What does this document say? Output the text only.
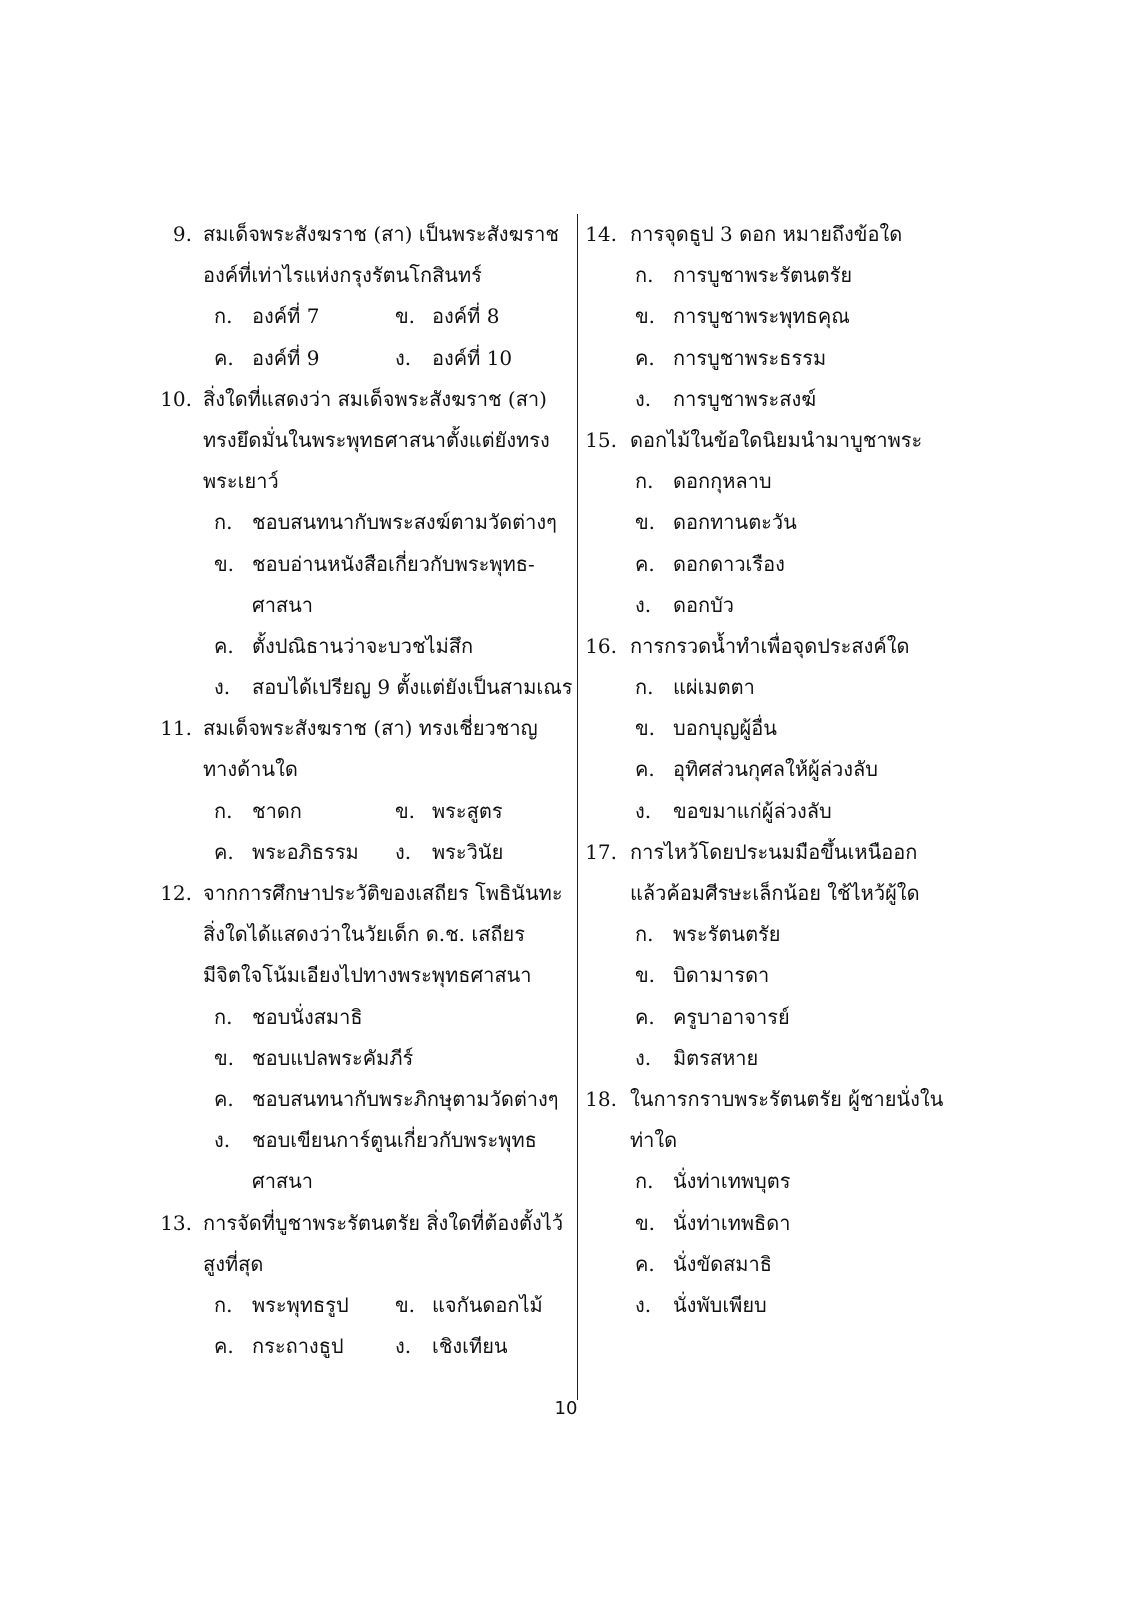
9. สมเด็จพระสังฆราช (สา) เป็นพระสังฆราช
องค์ที่เท่าไรแห่งกรุงรัตนโกสินทร์
ก. องค์ที่ 7	ข. องค์ที่ 8
ค. องค์ที่ 9	ง. องค์ที่ 10
10. สิ่งใดที่แสดงว่า สมเด็จพระสังฆราช (สา)
ทรงยึดมั่นในพระพุทธศาสนาตั้งแต่ยังทรง
พระเยาว์
ก. ชอบสนทนากับพระสงฆ์ตามวัดต่างๆ
ข. ชอบอ่านหนังสือเกี่ยวกับพระพุทธ-
ศาสนา
ค. ตั้งปณิธานว่าจะบวชไม่สึก
ง. สอบได้เปรียญ 9 ตั้งแต่ยังเป็นสามเณร
11. สมเด็จพระสังฆราช (สา) ทรงเชี่ยวชาญ
ทางด้านใด
ก. ชาดก	ข. พระสูตร
ค. พระอภิธรรม ง. พระวินัย
12. จากการศึกษาประวัติของเสถียร โพธินันทะ
สิ่งใดได้แสดงว่าในวัยเด็ก ด.ช. เสถียร
มีจิตใจโน้มเอียงไปทางพระพุทธศาสนา
ก. ชอบนั่งสมาธิ
ข. ชอบแปลพระคัมภีร์
ค. ชอบสนทนากับพระภิกษุตามวัดต่างๆ
ง. ชอบเขียนการ์ตูนเกี่ยวกับพระพุทธ
ศาสนา
13. การจัดที่บูชาพระรัตนตรัย สิ่งใดที่ต้องตั้งไว้
สูงที่สุด
ก. พระพุทธรูป ข. แจกันดอกไม้
ค. กระถางธูป	ง. เชิงเทียน
14. การจุดธูป 3 ดอก หมายถึงข้อใด
ก. การบูชาพระรัตนตรัย
ข. การบูชาพระพุทธคุณ
ค. การบูชาพระธรรม
ง. การบูชาพระสงฆ์
15. ดอกไม้ในข้อใดนิยมนำมาบูชาพระ
ก. ดอกกุหลาบ
ข. ดอกทานตะวัน
ค. ดอกดาวเรือง
ง. ดอกบัว
16. การกรวดน้ำทำเพื่อจุดประสงค์ใด
ก. แผ่เมตตา
ข. บอกบุญผู้อื่น
ค. อุทิศส่วนกุศลให้ผู้ล่วงลับ
ง. ขอขมาแก่ผู้ล่วงลับ
17. การไหว้โดยประนมมือขึ้นเหนืออก
แล้วค้อมศีรษะเล็กน้อย ใช้ไหว้ผู้ใด
ก. พระรัตนตรัย
ข. บิดามารดา
ค. ครูบาอาจารย์
ง. มิตรสหาย
18. ในการกราบพระรัตนตรัย ผู้ชายนั่งใน
ท่าใด
ก. นั่งท่าเทพบุตร
ข. นั่งท่าเทพธิดา
ค. นั่งขัดสมาธิ
ง. นั่งพับเพียบ
10
